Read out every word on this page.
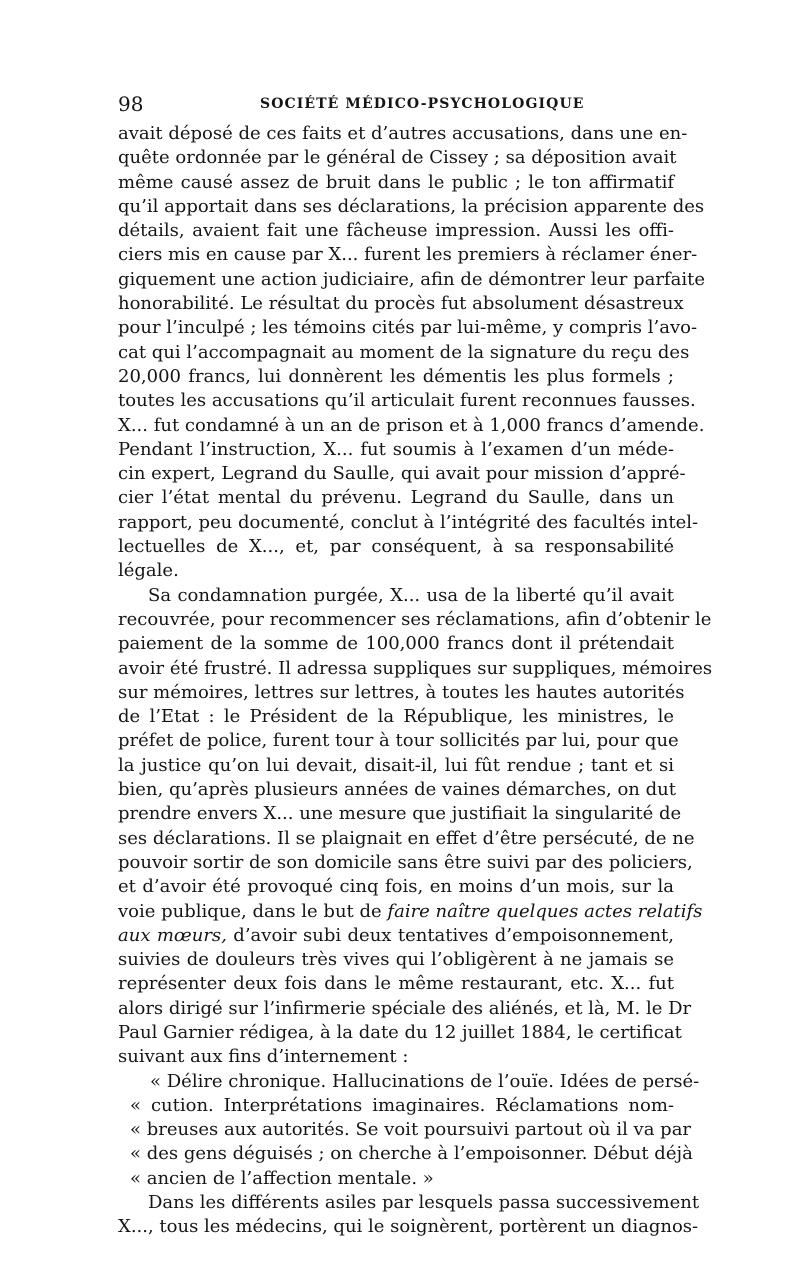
98	SOCIÉTÉ MÉDICO-PSYCHOLOGIQUE
avait déposé de ces faits et d’autres accusations, dans une en-
quête ordonnée par le général de Cissey ; sa déposition avait
même causé assez de bruit dans le public ; le ton affirmatif
qu’il apportait dans ses déclarations, la précision apparente des
détails, avaient fait une fâcheuse impression. Aussi les offi-
ciers mis en cause par X... furent les premiers à réclamer éner-
giquement une action judiciaire, afin de démontrer leur parfaite
honorabilité. Le résultat du procès fut absolument désastreux
pour l’inculpé ; les témoins cités par lui-même, y compris l’avo-
cat qui l’accompagnait au moment de la signature du reçu des
20,000 francs, lui donnèrent les démentis les plus formels ;
toutes les accusations qu’il articulait furent reconnues fausses.
X... fut condamné à un an de prison et à 1,000 francs d’amende.
Pendant l’instruction, X... fut soumis à l’examen d’un méde-
cin expert, Legrand du Saulle, qui avait pour mission d’appré-
cier l’état mental du prévenu. Legrand du Saulle, dans un
rapport, peu documenté, conclut à l’intégrité des facultés intel-
lectuelles de X..., et, par conséquent, à sa responsabilité
légale.
Sa condamnation purgée, X... usa de la liberté qu’il avait
recouvrée, pour recommencer ses réclamations, afin d’obtenir le
paiement de la somme de 100,000 francs dont il prétendait
avoir été frustré. Il adressa suppliques sur suppliques, mémoires
sur mémoires, lettres sur lettres, à toutes les hautes autorités
de l’Etat : le Président de la République, les ministres, le
préfet de police, furent tour à tour sollicités par lui, pour que
la justice qu’on lui devait, disait-il, lui fût rendue ; tant et si
bien, qu’après plusieurs années de vaines démarches, on dut
prendre envers X... une mesure que justifiait la singularité de
ses déclarations. Il se plaignait en effet d’être persécuté, de ne
pouvoir sortir de son domicile sans être suivi par des policiers,
et d’avoir été provoqué cinq fois, en moins d’un mois, sur la
voie publique, dans le but de faire naître quelques actes relatifs
aux mœurs, d’avoir subi deux tentatives d’empoisonnement,
suivies de douleurs très vives qui l’obligèrent à ne jamais se
représenter deux fois dans le même restaurant, etc. X... fut
alors dirigé sur l’infirmerie spéciale des aliénés, et là, M. le Dr
Paul Garnier rédigea, à la date du 12 juillet 1884, le certificat
suivant aux fins d’internement :
« Délire chronique. Hallucinations de l’ouïe. Idées de persé-
« cution. Interprétations imaginaires. Réclamations nom-
« breuses aux autorités. Se voit poursuivi partout où il va par
« des gens déguisés ; on cherche à l’empoisonner. Début déjà
« ancien de l’affection mentale. »
Dans les différents asiles par lesquels passa successivement
X..., tous les médecins, qui le soignèrent, portèrent un diagnos-
